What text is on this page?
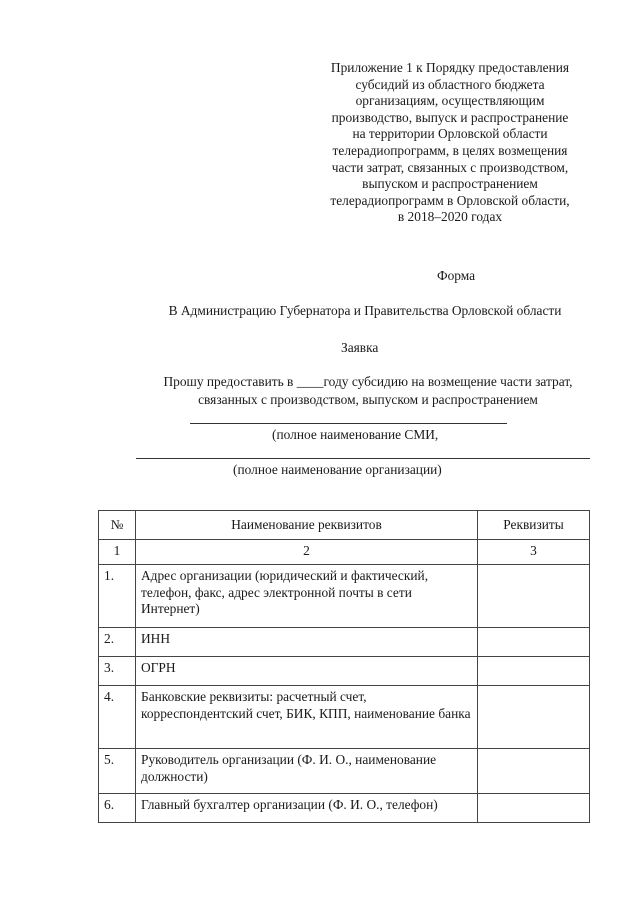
Приложение 1 к Порядку предоставления
субсидий из областного бюджета
организациям, осуществляющим
производство, выпуск и распространение
на территории Орловской области
телерадиопрограмм, в целях возмещения
части затрат, связанных с производством,
выпуском и распространением
телерадиопрограмм в Орловской области,
в 2018–2020 годах
Форма
В Администрацию Губернатора и Правительства Орловской области
Заявка
Прошу предоставить в ____году субсидию на возмещение части затрат,
связанных с производством, выпуском и распространением
(полное наименование СМИ,
(полное наименование организации)
№	Наименование реквизитов	Реквизиты
1	2	3
1.	Адрес организации (юридический и фактический, телефон, факс, адрес электронной почты в сети Интернет)	
2.	ИНН	
3.	ОГРН	
4.	Банковские реквизиты: расчетный счет, корреспондентский счет, БИК, КПП, наименование банка	
5.	Руководитель организации (Ф. И. О., наименование должности)	
6.	Главный бухгалтер организации (Ф. И. О., телефон)	
